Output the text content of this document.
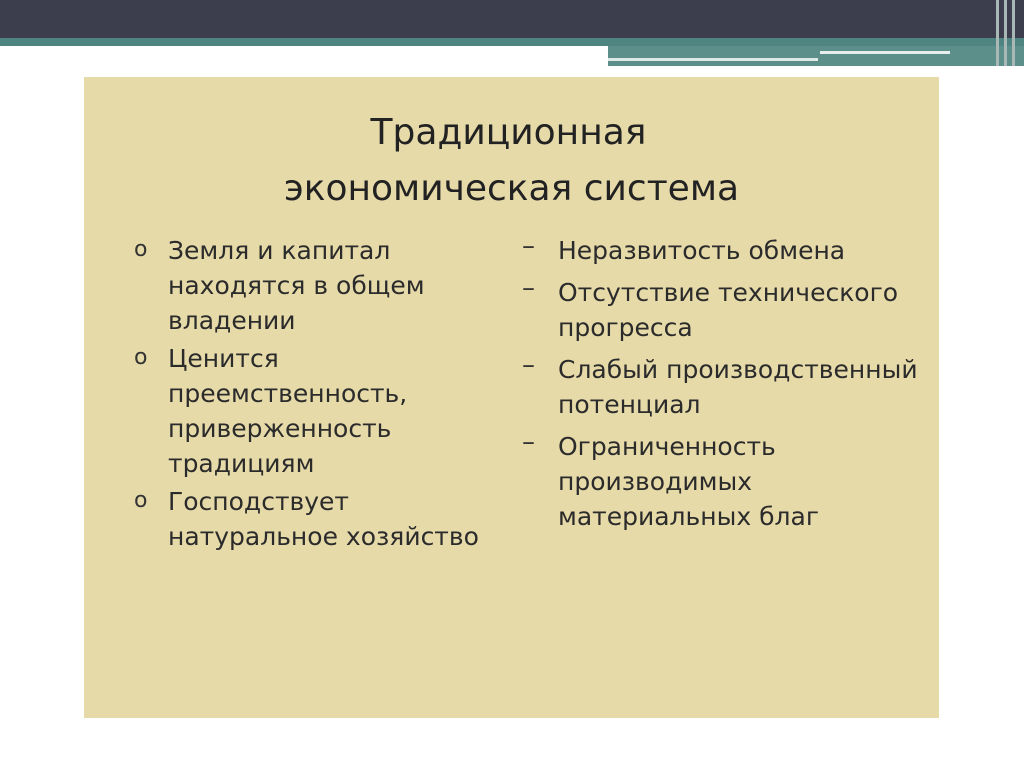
Традиционная
экономическая система
o Земля и капитал находятся в общем владении
o Ценится преемственность, приверженность традициям
o Господствует натуральное хозяйство
– Неразвитость обмена
– Отсутствие технического прогресса
– Слабый производственный потенциал
– Ограниченность производимых материальных благ
